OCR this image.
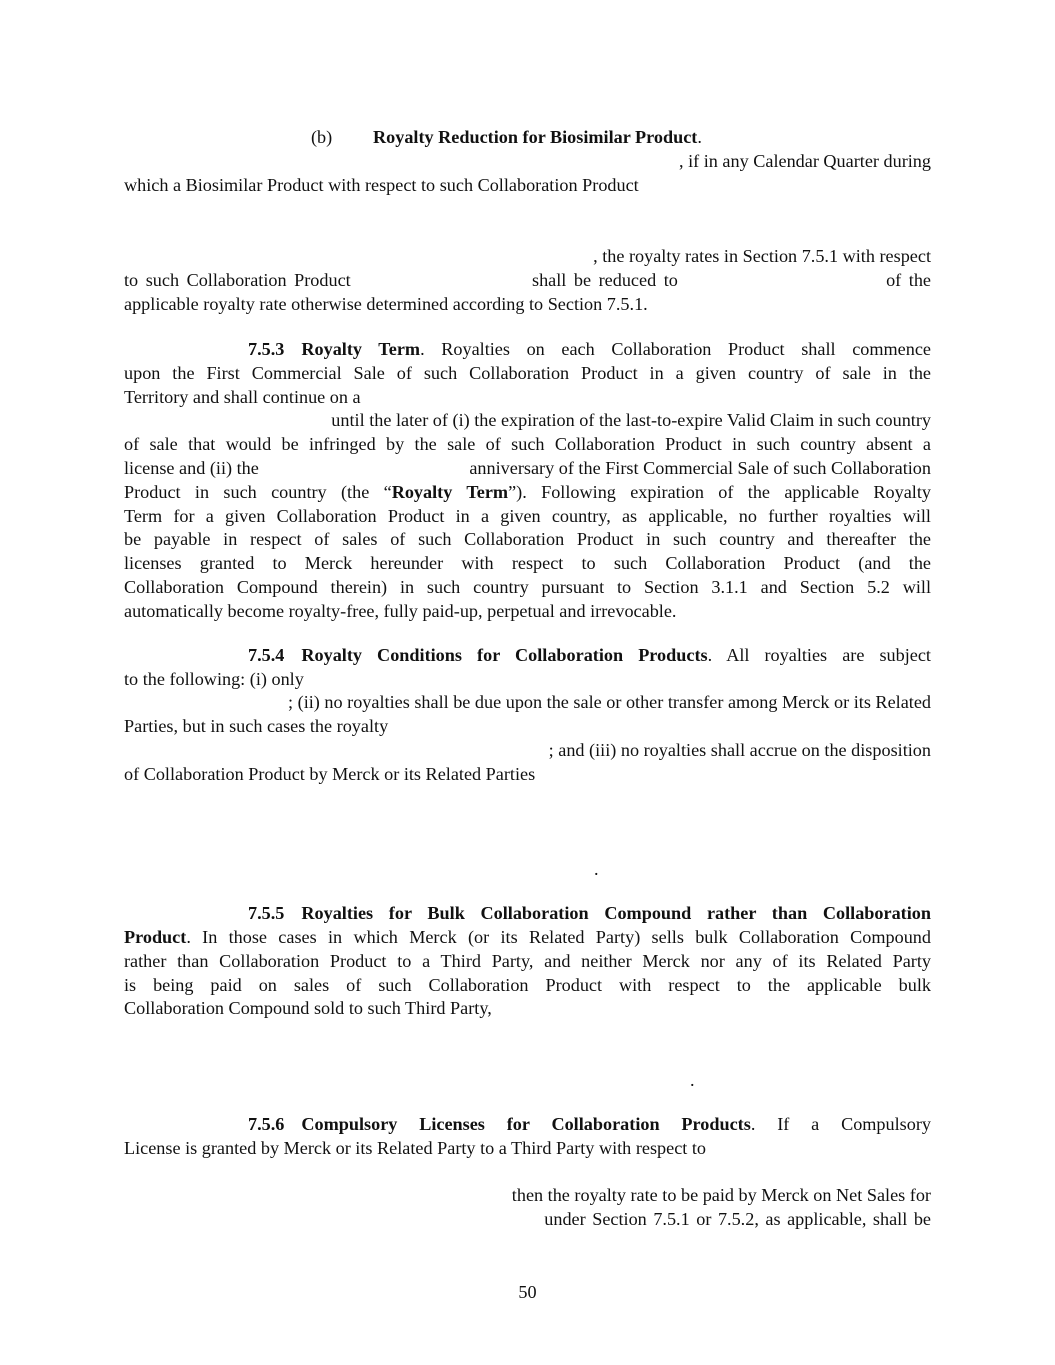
(b) Royalty Reduction for Biosimilar Product.

, if in any Calendar Quarter during

which a Biosimilar Product with respect to such Collaboration Product

, the royalty rates in Section 7.5.1 with respect

to such Collaboration Product	shall be reduced to	of the

applicable royalty rate otherwise determined according to Section 7.5.1.

7.5.3 Royalty Term. Royalties on each Collaboration Product shall commence

upon the First Commercial Sale of such Collaboration Product in a given country of sale in the

Territory and shall continue on a

until the later of (i) the expiration of the last-to-expire Valid Claim in such country

of sale that would be infringed by the sale of such Collaboration Product in such country absent a

license and (ii) the	anniversary of the First Commercial Sale of such Collaboration
Product in such country (the “Royalty Term”). Following expiration of the applicable Royalty

Term for a given Collaboration Product in a given country, as applicable, no further royalties will

be payable in respect of sales of such Collaboration Product in such country and thereafter the

licenses granted to Merck hereunder with respect to such Collaboration Product (and the

Collaboration Compound therein) in such country pursuant to Section 3.1.1 and Section 5.2 will

automatically become royalty-free, fully paid-up, perpetual and irrevocable.

7.5.4 Royalty Conditions for Collaboration Products. All royalties are subject

to the following: (i) only

; (ii) no royalties shall be due upon the sale or other transfer among Merck or its Related

Parties, but in such cases the royalty

; and (iii) no royalties shall accrue on the disposition

of Collaboration Product by Merck or its Related Parties

.

7.5.5 Royalties for Bulk Collaboration Compound rather than Collaboration
Product. In those cases in which Merck (or its Related Party) sells bulk Collaboration Compound

rather than Collaboration Product to a Third Party, and neither Merck nor any of its Related Party

is being paid on sales of such Collaboration Product with respect to the applicable bulk

Collaboration Compound sold to such Third Party,

.

7.5.6 Compulsory Licenses for Collaboration Products. If a Compulsory

License is granted by Merck or its Related Party to a Third Party with respect to

then the royalty rate to be paid by Merck on Net Sales for

under Section 7.5.1 or 7.5.2, as applicable, shall be

50
